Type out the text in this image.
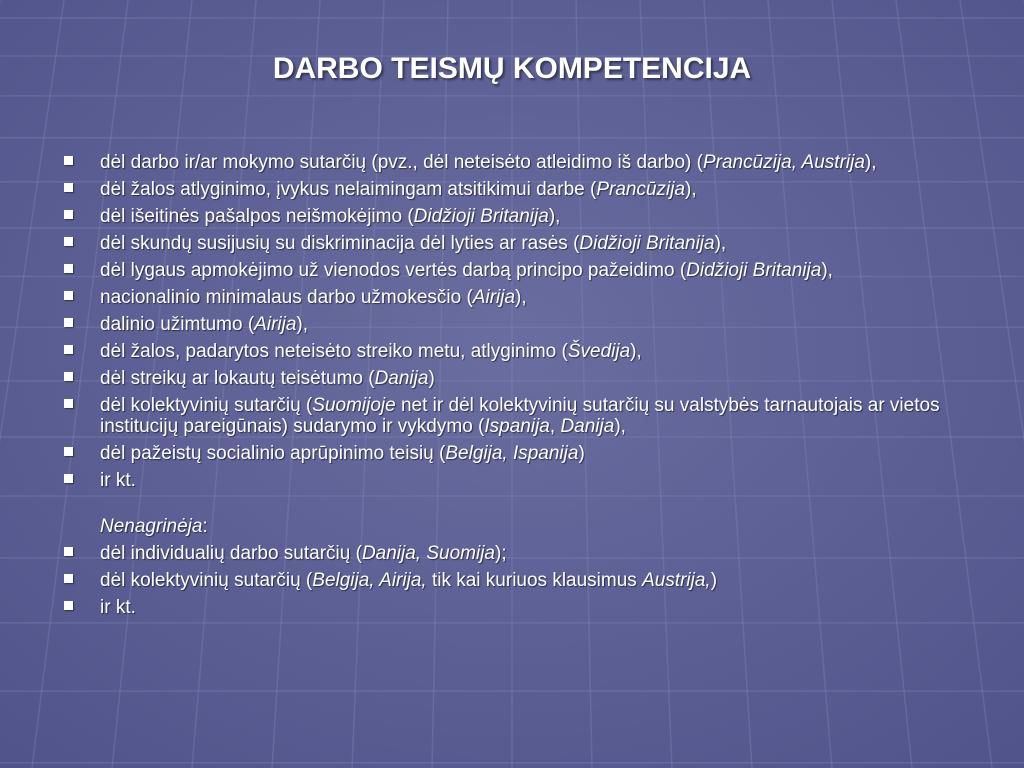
DARBO TEISMŲ KOMPETENCIJA
dėl darbo ir/ar mokymo sutarčių (pvz., dėl neteisėto atleidimo iš darbo) (Prancūzija, Austrija),
dėl žalos atlyginimo, įvykus nelaimingam atsitikimui darbe (Prancūzija),
dėl išeitinės pašalpos neišmokėjimo (Didžioji Britanija),
dėl skundų susijusių su diskriminacija dėl lyties ar rasės (Didžioji Britanija),
dėl lygaus apmokėjimo už vienodos vertės darbą principo pažeidimo (Didžioji Britanija),
nacionalinio minimalaus darbo užmokesčio (Airija),
dalinio užimtumo (Airija),
dėl žalos, padarytos neteisėto streiko metu, atlyginimo (Švedija),
dėl streikų ar lokautų teisėtumo (Danija)
dėl kolektyvinių sutarčių (Suomijoje net ir dėl kolektyvinių sutarčių su valstybės tarnautojais ar vietos institucijų pareigūnais) sudarymo ir vykdymo (Ispanija, Danija),
dėl pažeistų socialinio aprūpinimo teisių (Belgija, Ispanija)
ir kt.
Nenagrinėja:
dėl individualių darbo sutarčių (Danija, Suomija);
dėl kolektyvinių sutarčių (Belgija, Airija, tik kai kuriuos klausimus Austrija,)
ir kt.
